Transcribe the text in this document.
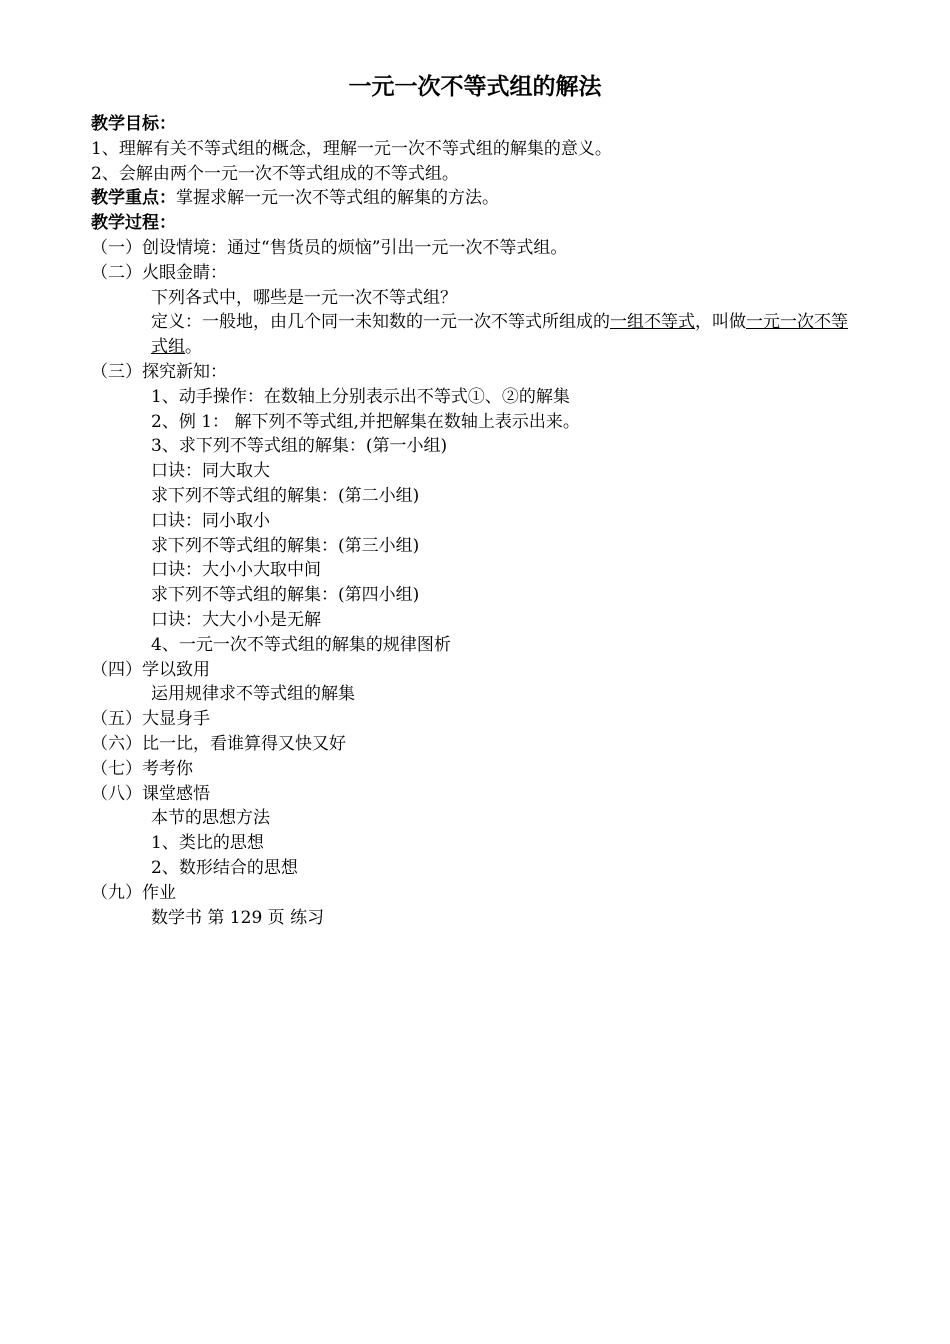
一元一次不等式组的解法
教学目标：
1、理解有关不等式组的概念，理解一元一次不等式组的解集的意义。
2、会解由两个一元一次不等式组成的不等式组。
教学重点：掌握求解一元一次不等式组的解集的方法。
教学过程：
（一）创设情境：通过“售货员的烦恼”引出一元一次不等式组。
（二）火眼金睛：
下列各式中，哪些是一元一次不等式组？
定义：一般地，由几个同一未知数的一元一次不等式所组成的一组不等式，叫做一元一次不等式组。
（三）探究新知：
1、动手操作：在数轴上分别表示出不等式①、②的解集
2、例 1： 解下列不等式组,并把解集在数轴上表示出来。
3、求下列不等式组的解集：(第一小组)
口诀：同大取大
求下列不等式组的解集：(第二小组)
口诀：同小取小
求下列不等式组的解集：(第三小组)
口诀：大小小大取中间
求下列不等式组的解集：(第四小组)
口诀：大大小小是无解
4、一元一次不等式组的解集的规律图析
（四）学以致用
运用规律求不等式组的解集
（五）大显身手
（六）比一比，看谁算得又快又好
（七）考考你
（八）课堂感悟
本节的思想方法
1、类比的思想
2、数形结合的思想
（九）作业
数学书 第 129 页 练习
